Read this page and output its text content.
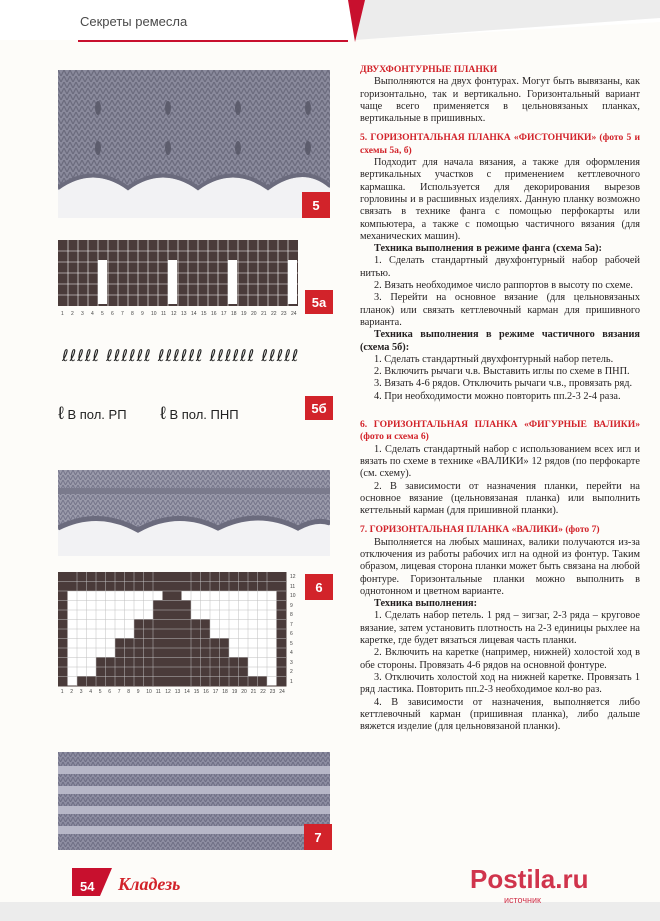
Секреты ремесла
5
1 2 3 4 5 6 7 8 9 10 11 12 13 14 15 16 17 18 19 20 21 22 23 24
5а
ℓℓℓℓℓ ℓℓℓℓℓℓ ℓℓℓℓℓℓ ℓℓℓℓℓℓ ℓℓℓℓℓ
ℓ В пол. РП ℓ В пол. ПНП	5б
1 2 3 4 5 6 7 8 9 10 11 12 13 14 15 16 17 18 19 20 21 22 23 24
12
11
10
9
8
7
6
5
4
3
2
1
6
7

ДВУХФОНТУРНЫЕ ПЛАНКИ

Выполняются на двух фонтурах. Могут быть вывязаны, как горизонтально, так и вертикально. Горизонтальный вариант чаще всего применяется в цельновязаных планках, вертикальные в пришивных.

5. ГОРИЗОНТАЛЬНАЯ ПЛАНКА «ФИСТОНЧИКИ» (фото 5 и схемы 5а, б)

Подходит для начала вязания, а также для оформления вертикальных участков с применением кеттлевочного кармашка. Используется для декорирования вырезов горловины и в расшивных изделиях. Данную планку возможно связать в технике фанга с помощью перфокарты или компьютера, а также с помощью частичного вязания (для механических машин).

Техника выполнения в режиме фанга (схема 5а):

1. Сделать стандартный двухфонтурный набор рабочей нитью.

2. Вязать необходимое число раппортов в высоту по схеме.

3. Перейти на основное вязание (для цельновязаных планок) или связать кеттлевочный карман для пришивного варианта.

Техника выполнения в режиме частичного вязания (схема 5б):

1. Сделать стандартный двухфонтурный набор петель.

2. Включить рычаги ч.в. Выставить иглы по схеме в ПНП.

3. Вязать 4-6 рядов. Отключить рычаги ч.в., провязать ряд.

4. При необходимости можно повторить пп.2-3 2-4 раза.

6. ГОРИЗОНТАЛЬНАЯ ПЛАНКА «ФИГУРНЫЕ ВАЛИКИ» (фото и схема 6)

1. Сделать стандартный набор с использованием всех игл и вязать по схеме в технике «ВАЛИКИ» 12 рядов (по перфокарте (см. схему).

2. В зависимости от назначения планки, перейти на основное вязание (цельновязаная планка) или выполнить кеттельный карман (для пришивной планки).

7. ГОРИЗОНТАЛЬНАЯ ПЛАНКА «ВАЛИКИ» (фото 7)

Выполняется на любых машинах, валики получаются из-за отключения из работы рабочих игл на одной из фонтур. Таким образом, лицевая сторона планки может быть связана на любой фонтуре. Горизонтальные планки можно выполнить в однотонном и цветном варианте.

Техника выполнения:

1. Сделать набор петель. 1 ряд – зигзаг, 2-3 ряда – круговое вязание, затем установить плотность на 2-3 единицы рыхлее на каретке, где будет вязаться лицевая часть планки.

2. Включить на каретке (например, нижней) холостой ход в обе стороны. Провязать 4-6 рядов на основной фонтуре.

3. Отключить холостой ход на нижней каретке. Провязать 1 ряд ластика. Повторить пп.2-3 необходимое кол-во раз.

4. В зависимости от назначения, выполняется либо кеттлевочный карман (пришивная планка), либо дальше вяжется изделие (для цельновязаной планки).

54 Кладезь	Postila.ru
источник
